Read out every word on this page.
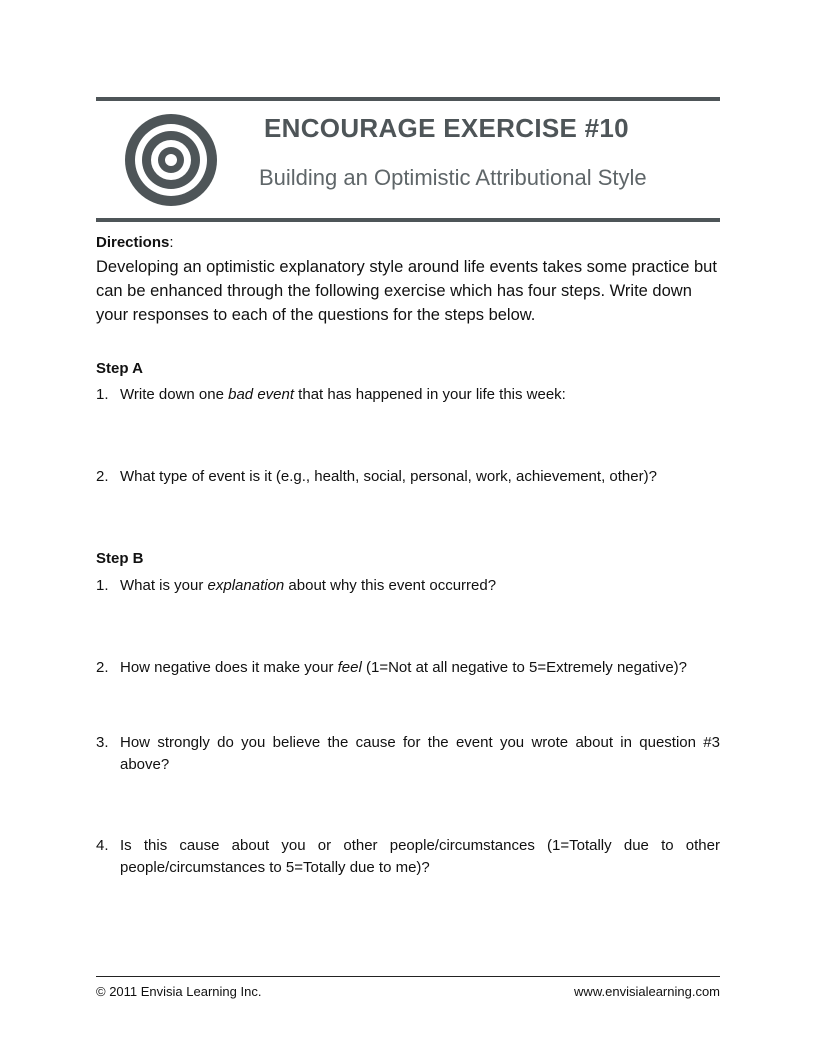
ENCOURAGE EXERCISE #10
Building an Optimistic Attributional Style
Directions:
Developing an optimistic explanatory style around life events takes some practice but can be enhanced through the following exercise which has four steps. Write down your responses to each of the questions for the steps below.
Step A
1. Write down one bad event that has happened in your life this week:
2. What type of event is it (e.g., health, social, personal, work, achievement, other)?
Step B
1. What is your explanation about why this event occurred?
2. How negative does it make your feel (1=Not at all negative to 5=Extremely negative)?
3. How strongly do you believe the cause for the event you wrote about in question #3 above?
4. Is this cause about you or other people/circumstances (1=Totally due to other people/circumstances to 5=Totally due to me)?
© 2011 Envisia Learning Inc.	www.envisialearning.com
